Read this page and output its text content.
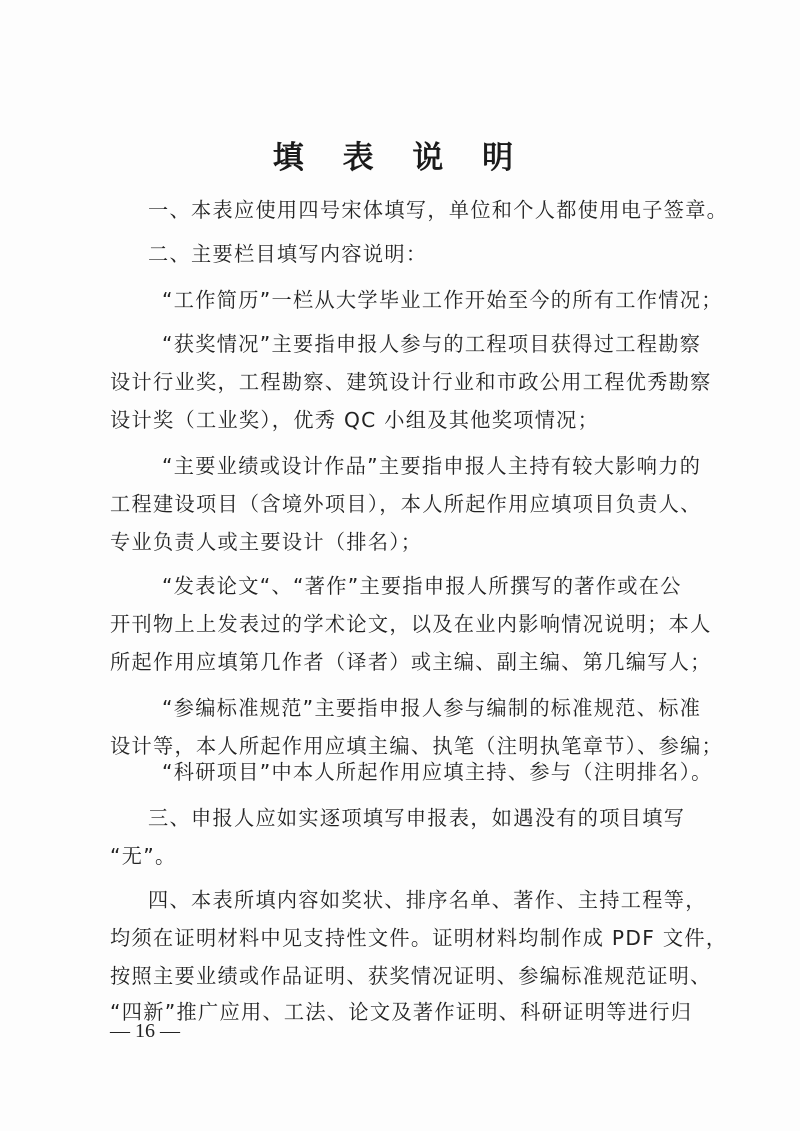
填 表 说 明
一、本表应使用四号宋体填写，单位和个人都使用电子签章。
二、主要栏目填写内容说明：
“工作简历”一栏从大学毕业工作开始至今的所有工作情况；
“获奖情况”主要指申报人参与的工程项目获得过工程勘察
设计行业奖，工程勘察、建筑设计行业和市政公用工程优秀勘察
设计奖（工业奖），优秀 QC 小组及其他奖项情况；
“主要业绩或设计作品”主要指申报人主持有较大影响力的
工程建设项目（含境外项目），本人所起作用应填项目负责人、
专业负责人或主要设计（排名）；
“发表论文“、“著作”主要指申报人所撰写的著作或在公
开刊物上上发表过的学术论文，以及在业内影响情况说明；本人
所起作用应填第几作者（译者）或主编、副主编、第几编写人；
“参编标准规范”主要指申报人参与编制的标准规范、标准
设计等，本人所起作用应填主编、执笔（注明执笔章节）、参编；
“科研项目”中本人所起作用应填主持、参与（注明排名）。
三、申报人应如实逐项填写申报表，如遇没有的项目填写
“无”。
四、本表所填内容如奖状、排序名单、著作、主持工程等，
均须在证明材料中见支持性文件。证明材料均制作成 PDF 文件，
按照主要业绩或作品证明、获奖情况证明、参编标准规范证明、
“四新”推广应用、工法、论文及著作证明、科研证明等进行归
— 16 —
